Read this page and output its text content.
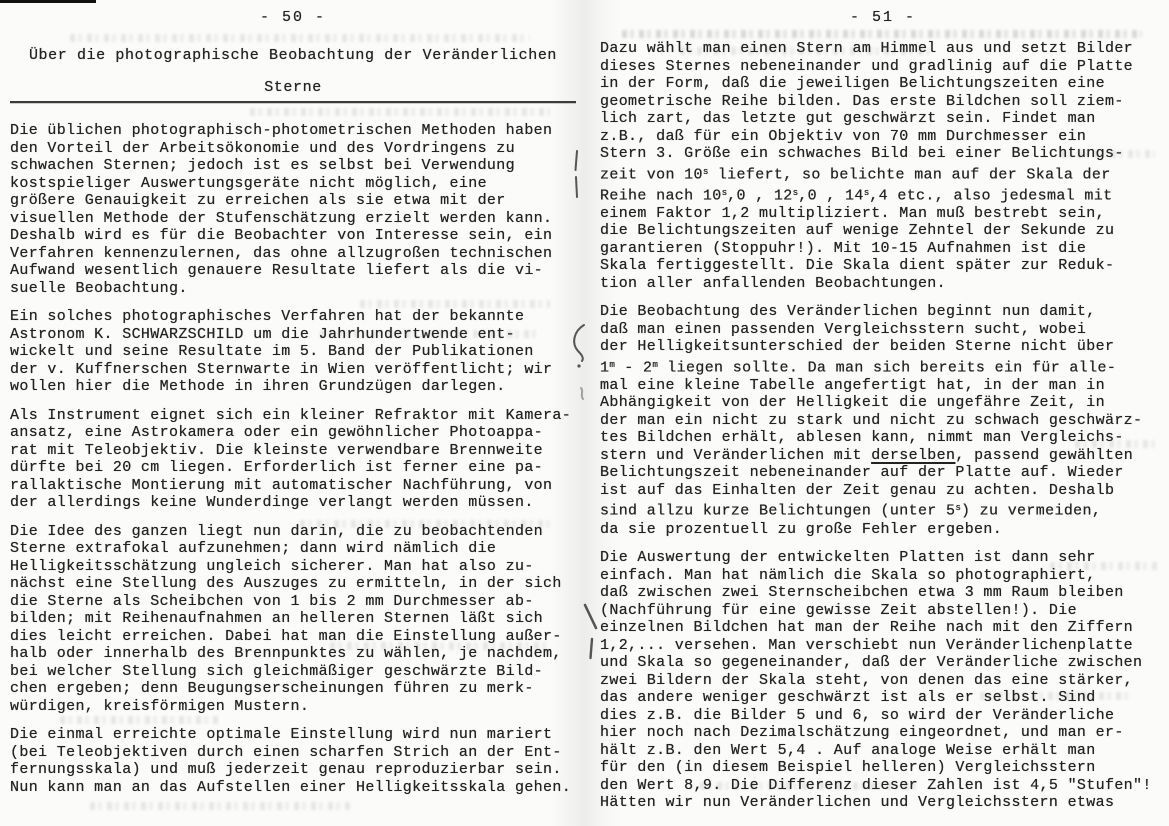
- 50 -
Über die photographische Beobachtung der Veränderlichen
Sterne
Die üblichen photographisch-photometrischen Methoden haben
den Vorteil der Arbeitsökonomie und des Vordringens zu
schwachen Sternen; jedoch ist es selbst bei Verwendung
kostspieliger Auswertungsgeräte nicht möglich, eine
größere Genauigkeit zu erreichen als sie etwa mit der
visuellen Methode der Stufenschätzung erzielt werden kann.
Deshalb wird es für die Beobachter von Interesse sein, ein
Verfahren kennenzulernen, das ohne allzugroßen technischen
Aufwand wesentlich genauere Resultate liefert als die vi-
suelle Beobachtung.
Ein solches photographisches Verfahren hat der bekannte
Astronom K. SCHWARZSCHILD um die Jahrhundertwende ent-
wickelt und seine Resultate im 5. Band der Publikationen
der v. Kuffnerschen Sternwarte in Wien veröffentlicht; wir
wollen hier die Methode in ihren Grundzügen darlegen.
Als Instrument eignet sich ein kleiner Refraktor mit Kamera-
ansatz, eine Astrokamera oder ein gewöhnlicher Photoappa-
rat mit Teleobjektiv. Die kleinste verwendbare Brennweite
dürfte bei 20 cm liegen. Erforderlich ist ferner eine pa-
rallaktische Montierung mit automatischer Nachführung, von
der allerdings keine Wunderdinge verlangt werden müssen.
Die Idee des ganzen liegt nun darin, die zu beobachtenden
Sterne extrafokal aufzunehmen; dann wird nämlich die
Helligkeitsschätzung ungleich sicherer. Man hat also zu-
nächst eine Stellung des Auszuges zu ermitteln, in der sich
die Sterne als Scheibchen von 1 bis 2 mm Durchmesser ab-
bilden; mit Reihenaufnahmen an helleren Sternen läßt sich
dies leicht erreichen. Dabei hat man die Einstellung außer-
halb oder innerhalb des Brennpunktes zu wählen, je nachdem,
bei welcher Stellung sich gleichmäßiger geschwärzte Bild-
chen ergeben; denn Beugungserscheinungen führen zu merk-
würdigen, kreisförmigen Mustern.
Die einmal erreichte optimale Einstellung wird nun mariert
(bei Teleobjektiven durch einen scharfen Strich an der Ent-
fernungsskala) und muß jederzeit genau reproduzierbar sein.
Nun kann man an das Aufstellen einer Helligkeitsskala gehen.
- 51 -
Dazu wählt man einen Stern am Himmel aus und setzt Bilder
dieses Sternes nebeneinander und gradlinig auf die Platte
in der Form, daß die jeweiligen Belichtungszeiten eine
geometrische Reihe bilden. Das erste Bildchen soll ziem-
lich zart, das letzte gut geschwärzt sein. Findet man
z.B., daß für ein Objektiv von 70 mm Durchmesser ein
Stern 3. Größe ein schwaches Bild bei einer Belichtungs-
zeit von 10$^s$ liefert, so belichte man auf der Skala der
Reihe nach 10$^s$,0 , 12$^s$,0 , 14$^s$,4 etc., also jedesmal mit
einem Faktor 1,2 multipliziert. Man muß bestrebt sein,
die Belichtungszeiten auf wenige Zehntel der Sekunde zu
garantieren (Stoppuhr!). Mit 10-15 Aufnahmen ist die
Skala fertiggestellt. Die Skala dient später zur Reduk-
tion aller anfallenden Beobachtungen.
Die Beobachtung des Veränderlichen beginnt nun damit,
daß man einen passenden Vergleichsstern sucht, wobei
der Helligkeitsunterschied der beiden Sterne nicht über
1$^m$ - 2$^m$ liegen sollte. Da man sich bereits ein für alle-
mal eine kleine Tabelle angefertigt hat, in der man in
Abhängigkeit von der Helligkeit die ungefähre Zeit, in
der man ein nicht zu stark und nicht zu schwach geschwärz-
tes Bildchen erhält, ablesen kann, nimmt man Vergleichs-
stern und Veränderlichen mit derselben, passend gewählten
Belichtungszeit nebeneinander auf der Platte auf. Wieder
ist auf das Einhalten der Zeit genau zu achten. Deshalb
sind allzu kurze Belichtungen (unter 5$^s$) zu vermeiden,
da sie prozentuell zu große Fehler ergeben.
Die Auswertung der entwickelten Platten ist dann sehr
einfach. Man hat nämlich die Skala so photographiert,
daß zwischen zwei Sternscheibchen etwa 3 mm Raum bleiben
(Nachführung für eine gewisse Zeit abstellen!). Die
einzelnen Bildchen hat man der Reihe nach mit den Ziffern
1,2,... versehen. Man verschiebt nun Veränderlichenplatte
und Skala so gegeneinander, daß der Veränderliche zwischen
zwei Bildern der Skala steht, von denen das eine stärker,
das andere weniger geschwärzt ist als er selbst. Sind
dies z.B. die Bilder 5 und 6, so wird der Veränderliche
hier noch nach Dezimalschätzung eingeordnet, und man er-
hält z.B. den Wert 5,4 . Auf analoge Weise erhält man
für den (in diesem Beispiel helleren) Vergleichsstern
den Wert 8,9. Die Differenz dieser Zahlen ist 4,5 "Stufen"!
Hätten wir nun Veränderlichen und Vergleichsstern etwas
